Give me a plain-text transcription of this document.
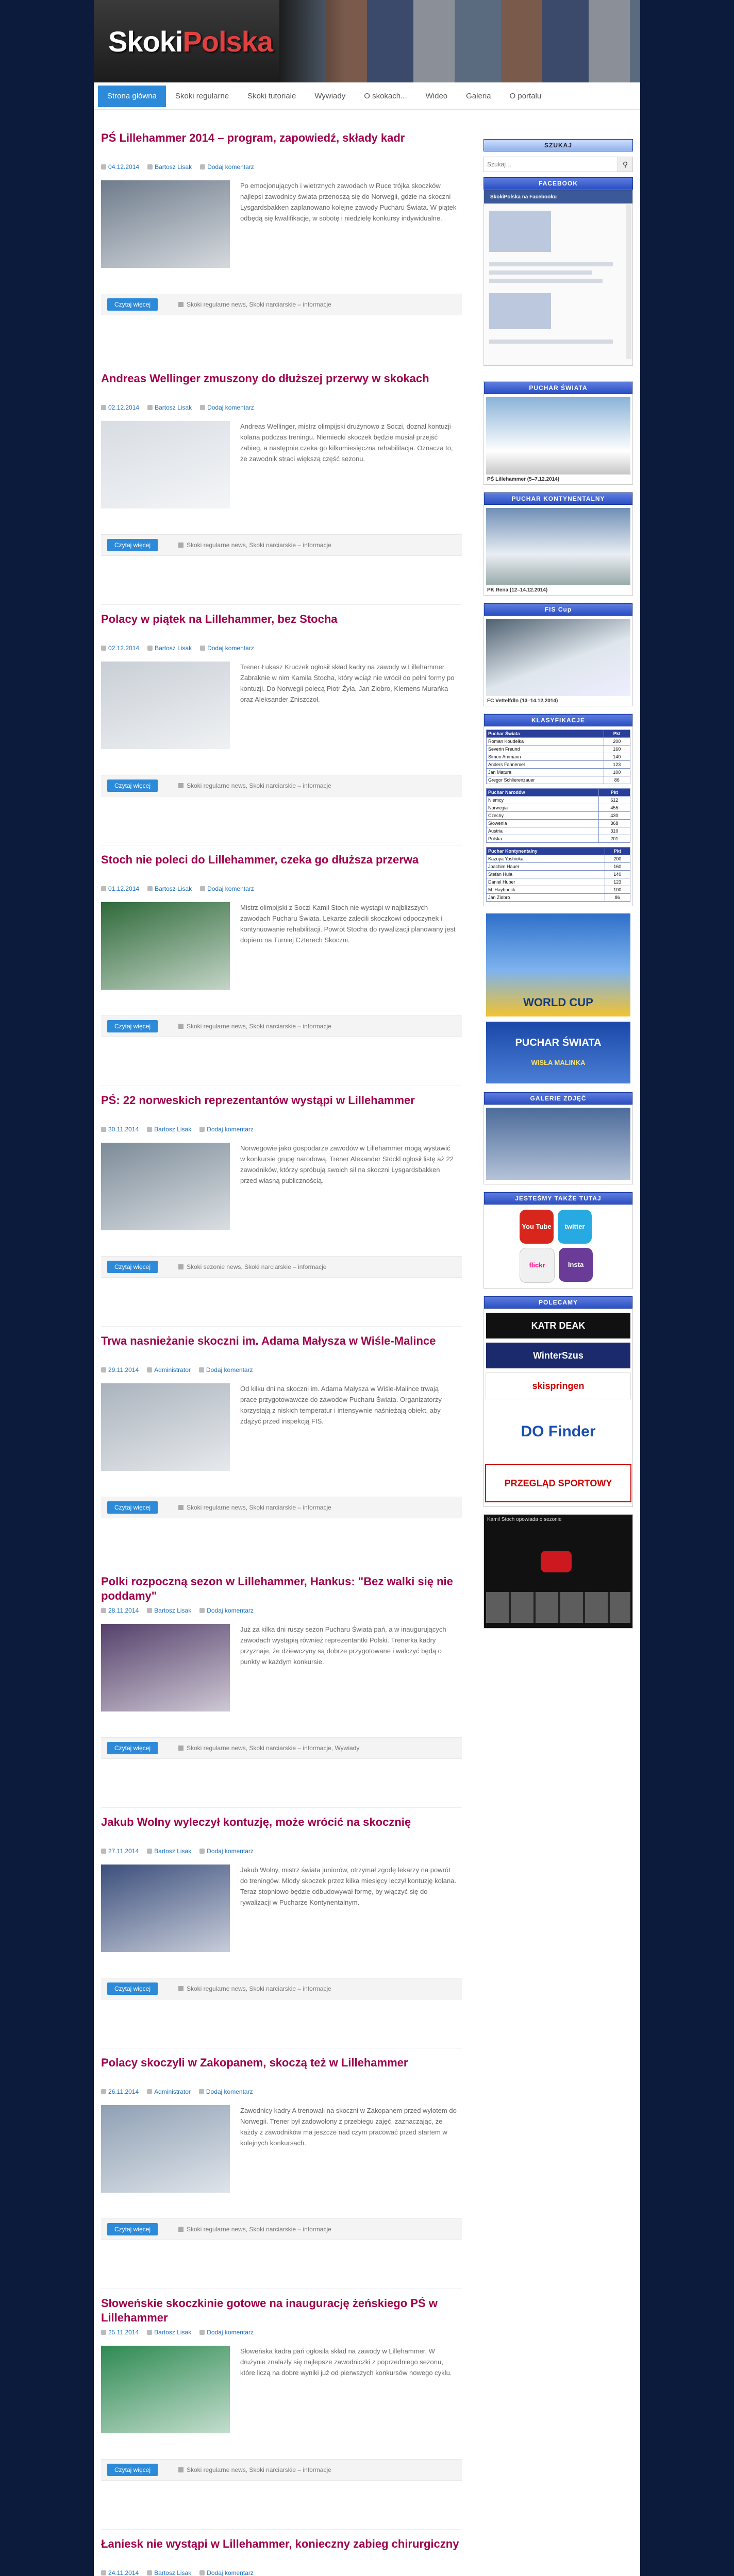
SkokiPolska
Strona główna	Skoki regularne	Skoki tutoriale	Wywiady	O skokach...	Wideo	Galeria	O portalu
PŚ Lillehammer 2014 – program, zapowiedź, składy kadr
04.12.2014	Bartosz Lisak	Dodaj komentarz
Po emocjonujących i wietrznych zawodach w Ruce trójka skoczków najlepsi zawodnicy świata przenoszą się do Norwegii, gdzie na skoczni Lysgardsbakken zaplanowano kolejne zawody Pucharu Świata. W piątek odbędą się kwalifikacje, w sobotę i niedzielę konkursy indywidualne.
Czytaj więcej	Skoki regularne news, Skoki narciarskie – informacje
Andreas Wellinger zmuszony do dłuższej przerwy w skokach
02.12.2014	Bartosz Lisak	Dodaj komentarz
Andreas Wellinger, mistrz olimpijski drużynowo z Soczi, doznał kontuzji kolana podczas treningu. Niemiecki skoczek będzie musiał przejść zabieg, a następnie czeka go kilkumiesięczna rehabilitacja. Oznacza to, że zawodnik straci większą część sezonu.
Czytaj więcej	Skoki regularne news, Skoki narciarskie – informacje
Polacy w piątek na Lillehammer, bez Stocha
02.12.2014	Bartosz Lisak	Dodaj komentarz
Trener Łukasz Kruczek ogłosił skład kadry na zawody w Lillehammer. Zabraknie w nim Kamila Stocha, który wciąż nie wrócił do pełni formy po kontuzji. Do Norwegii polecą Piotr Żyła, Jan Ziobro, Klemens Murańka oraz Aleksander Zniszczoł.
Czytaj więcej	Skoki regularne news, Skoki narciarskie – informacje
Stoch nie poleci do Lillehammer, czeka go dłuższa przerwa
01.12.2014	Bartosz Lisak	Dodaj komentarz
Mistrz olimpijski z Soczi Kamil Stoch nie wystąpi w najbliższych zawodach Pucharu Świata. Lekarze zalecili skoczkowi odpoczynek i kontynuowanie rehabilitacji. Powrót Stocha do rywalizacji planowany jest dopiero na Turniej Czterech Skoczni.
Czytaj więcej	Skoki regularne news, Skoki narciarskie – informacje
PŚ: 22 norweskich reprezentantów wystąpi w Lillehammer
30.11.2014	Bartosz Lisak	Dodaj komentarz
Norwegowie jako gospodarze zawodów w Lillehammer mogą wystawić w konkursie grupę narodową. Trener Alexander Stöckl ogłosił listę aż 22 zawodników, którzy spróbują swoich sił na skoczni Lysgardsbakken przed własną publicznością.
Czytaj więcej	Skoki sezonie news, Skoki narciarskie – informacje
Trwa nasnieżanie skoczni im. Adama Małysza w Wiśle-Malince
29.11.2014	Administrator	Dodaj komentarz
Od kilku dni na skoczni im. Adama Małysza w Wiśle-Malince trwają prace przygotowawcze do zawodów Pucharu Świata. Organizatorzy korzystają z niskich temperatur i intensywnie naśnieżają obiekt, aby zdążyć przed inspekcją FIS.
Czytaj więcej	Skoki regularne news, Skoki narciarskie – informacje
Polki rozpoczną sezon w Lillehammer, Hankus: "Bez walki się nie poddamy"
28.11.2014	Bartosz Lisak	Dodaj komentarz
Już za kilka dni ruszy sezon Pucharu Świata pań, a w inaugurujących zawodach wystąpią również reprezentantki Polski. Trenerka kadry przyznaje, że dziewczyny są dobrze przygotowane i walczyć będą o punkty w każdym konkursie.
Czytaj więcej	Skoki regularne news, Skoki narciarskie – informacje, Wywiady
Jakub Wolny wyleczył kontuzję, może wrócić na skocznię
27.11.2014	Bartosz Lisak	Dodaj komentarz
Jakub Wolny, mistrz świata juniorów, otrzymał zgodę lekarzy na powrót do treningów. Młody skoczek przez kilka miesięcy leczył kontuzję kolana. Teraz stopniowo będzie odbudowywał formę, by włączyć się do rywalizacji w Pucharze Kontynentalnym.
Czytaj więcej	Skoki regularne news, Skoki narciarskie – informacje
Polacy skoczyli w Zakopanem, skoczą też w Lillehammer
26.11.2014	Administrator	Dodaj komentarz
Zawodnicy kadry A trenowali na skoczni w Zakopanem przed wylotem do Norwegii. Trener był zadowolony z przebiegu zajęć, zaznaczając, że każdy z zawodników ma jeszcze nad czym pracować przed startem w kolejnych konkursach.
Czytaj więcej	Skoki regularne news, Skoki narciarskie – informacje
Słoweńskie skoczkinie gotowe na inaugurację żeńskiego PŚ w Lillehammer
25.11.2014	Bartosz Lisak	Dodaj komentarz
Słoweńska kadra pań ogłosiła skład na zawody w Lillehammer. W drużynie znalazły się najlepsze zawodniczki z poprzedniego sezonu, które liczą na dobre wyniki już od pierwszych konkursów nowego cyklu.
Czytaj więcej	Skoki regularne news, Skoki narciarskie – informacje
Łaniesk nie wystąpi w Lillehammer, konieczny zabieg chirurgiczny
24.11.2014	Bartosz Lisak	Dodaj komentarz
SZUKAJ
Szukaj…
⚲
FACEBOOK
SkokiPolska na Facebooku
PUCHAR ŚWIATA
PŚ Lillehammer (5–7.12.2014)
PUCHAR KONTYNENTALNY
PK Rena (12–14.12.2014)
FIS Cup
FC Vettelfdln (13–14.12.2014)
KLASYFIKACJE
Puchar Świata	Pkt
Roman Koudelka	200
Severin Freund	160
Simon Ammann	140
Anders Fannemel	123
Jan Matura	100
Gregor Schlierenzauer	86
Puchar Narodów	Pkt
Niemcy	612
Norwegia	455
Czechy	430
Słowenia	368
Austria	310
Polska	201
Puchar Kontynentalny	Pkt
Kazuya Yoshioka	200
Joachim Hauer	160
Stefan Hula	140
Daniel Huber	123
M. Hayboeck	100
Jan Ziobro	86
WORLD CUP
PUCHAR ŚWIATA
WISŁA MALINKA
GALERIE ZDJĘĆ
JESTEŚMY TAKŻE TUTAJ
You Tube	twitter
flickr	Insta
POLECAMY
KATR DEAK
WinterSzus
skispringen
DO Finder
PRZEGLĄD SPORTOWY
Kamil Stoch opowiada o sezonie
